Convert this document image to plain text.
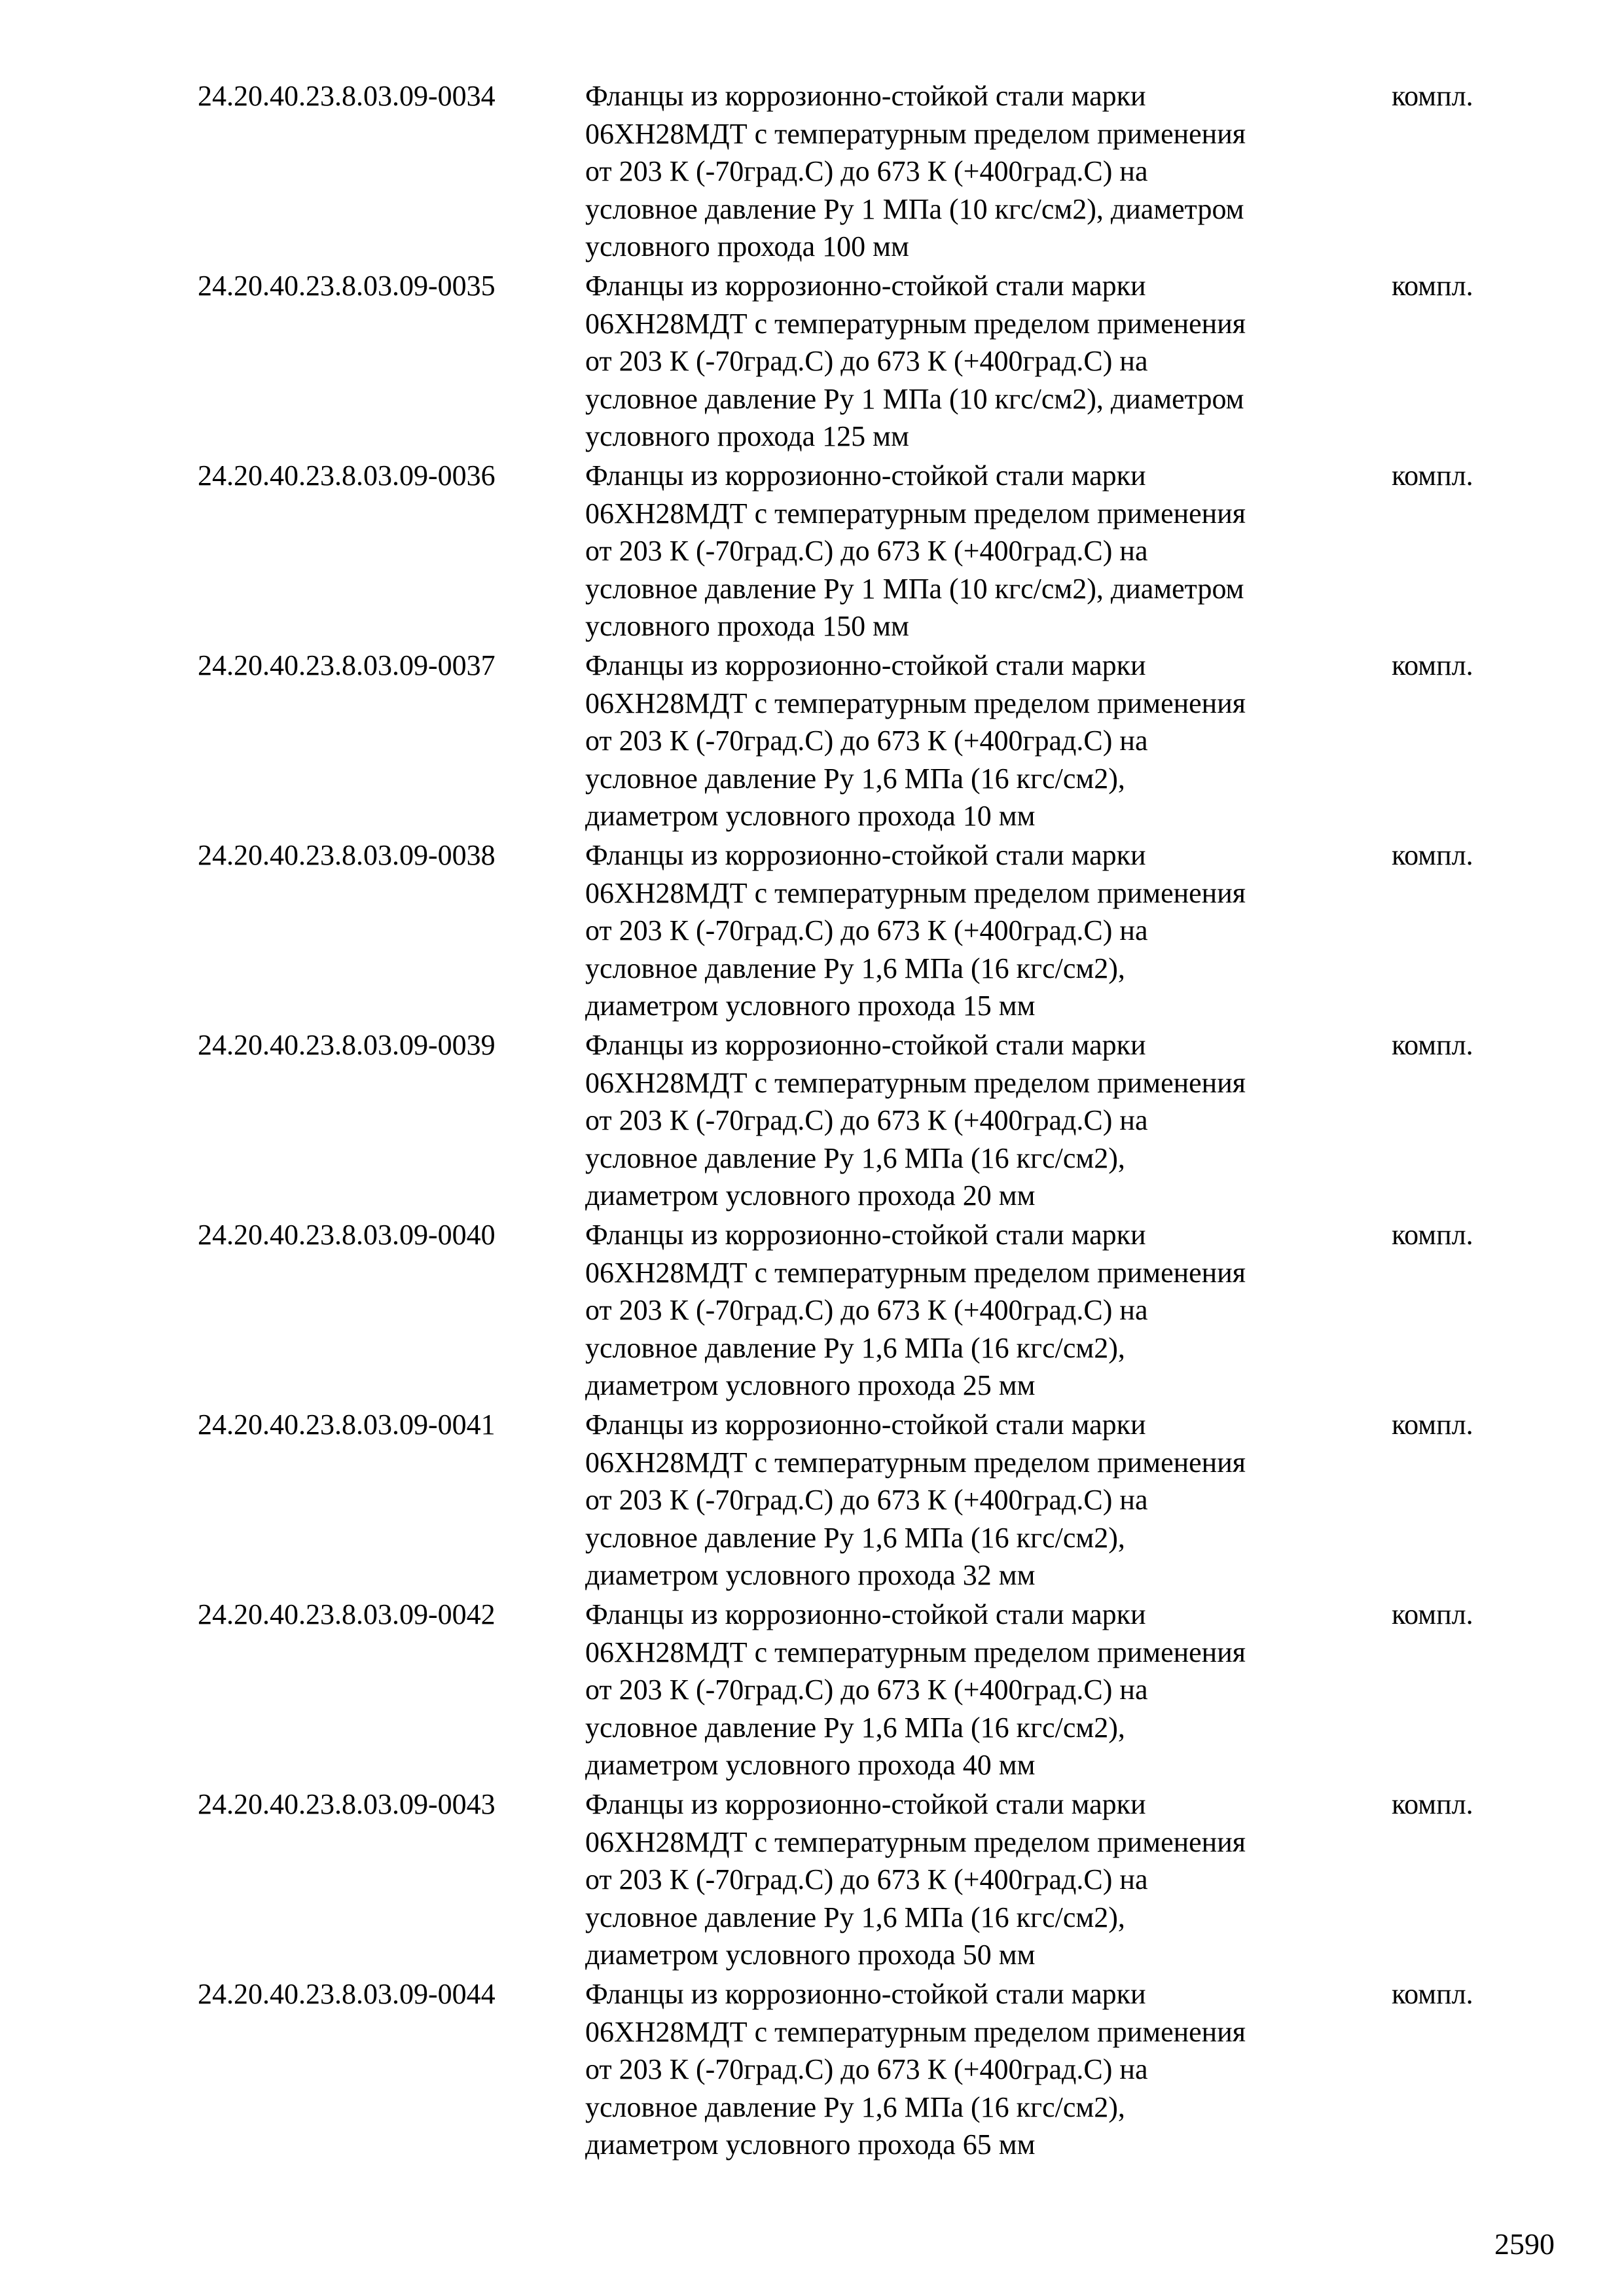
24.20.40.23.8.03.09-0034	Фланцы из коррозионно-стойкой стали марки
06ХН28МДТ с температурным пределом применения
от 203 К (-70град.С) до 673 К (+400град.С) на
условное давление Ру 1 МПа (10 кгс/см2), диаметром
условного прохода 100 мм
компл.
24.20.40.23.8.03.09-0035	Фланцы из коррозионно-стойкой стали марки
06ХН28МДТ с температурным пределом применения
от 203 К (-70град.С) до 673 К (+400град.С) на
условное давление Ру 1 МПа (10 кгс/см2), диаметром
условного прохода 125 мм
компл.
24.20.40.23.8.03.09-0036	Фланцы из коррозионно-стойкой стали марки
06ХН28МДТ с температурным пределом применения
от 203 К (-70град.С) до 673 К (+400град.С) на
условное давление Ру 1 МПа (10 кгс/см2), диаметром
условного прохода 150 мм
компл.
24.20.40.23.8.03.09-0037	Фланцы из коррозионно-стойкой стали марки
06ХН28МДТ с температурным пределом применения
от 203 К (-70град.С) до 673 К (+400град.С) на
условное давление Ру 1,6 МПа (16 кгс/см2),
диаметром условного прохода 10 мм
компл.
24.20.40.23.8.03.09-0038	Фланцы из коррозионно-стойкой стали марки
06ХН28МДТ с температурным пределом применения
от 203 К (-70град.С) до 673 К (+400град.С) на
условное давление Ру 1,6 МПа (16 кгс/см2),
диаметром условного прохода 15 мм
компл.
24.20.40.23.8.03.09-0039	Фланцы из коррозионно-стойкой стали марки
06ХН28МДТ с температурным пределом применения
от 203 К (-70град.С) до 673 К (+400град.С) на
условное давление Ру 1,6 МПа (16 кгс/см2),
диаметром условного прохода 20 мм
компл.
24.20.40.23.8.03.09-0040	Фланцы из коррозионно-стойкой стали марки
06ХН28МДТ с температурным пределом применения
от 203 К (-70град.С) до 673 К (+400град.С) на
условное давление Ру 1,6 МПа (16 кгс/см2),
диаметром условного прохода 25 мм
компл.
24.20.40.23.8.03.09-0041	Фланцы из коррозионно-стойкой стали марки
06ХН28МДТ с температурным пределом применения
от 203 К (-70град.С) до 673 К (+400град.С) на
условное давление Ру 1,6 МПа (16 кгс/см2),
диаметром условного прохода 32 мм
компл.
24.20.40.23.8.03.09-0042	Фланцы из коррозионно-стойкой стали марки
06ХН28МДТ с температурным пределом применения
от 203 К (-70град.С) до 673 К (+400град.С) на
условное давление Ру 1,6 МПа (16 кгс/см2),
диаметром условного прохода 40 мм
компл.
24.20.40.23.8.03.09-0043	Фланцы из коррозионно-стойкой стали марки
06ХН28МДТ с температурным пределом применения
от 203 К (-70град.С) до 673 К (+400град.С) на
условное давление Ру 1,6 МПа (16 кгс/см2),
диаметром условного прохода 50 мм
компл.
24.20.40.23.8.03.09-0044	Фланцы из коррозионно-стойкой стали марки
06ХН28МДТ с температурным пределом применения
от 203 К (-70град.С) до 673 К (+400град.С) на
условное давление Ру 1,6 МПа (16 кгс/см2),
диаметром условного прохода 65 мм
компл.
2590
